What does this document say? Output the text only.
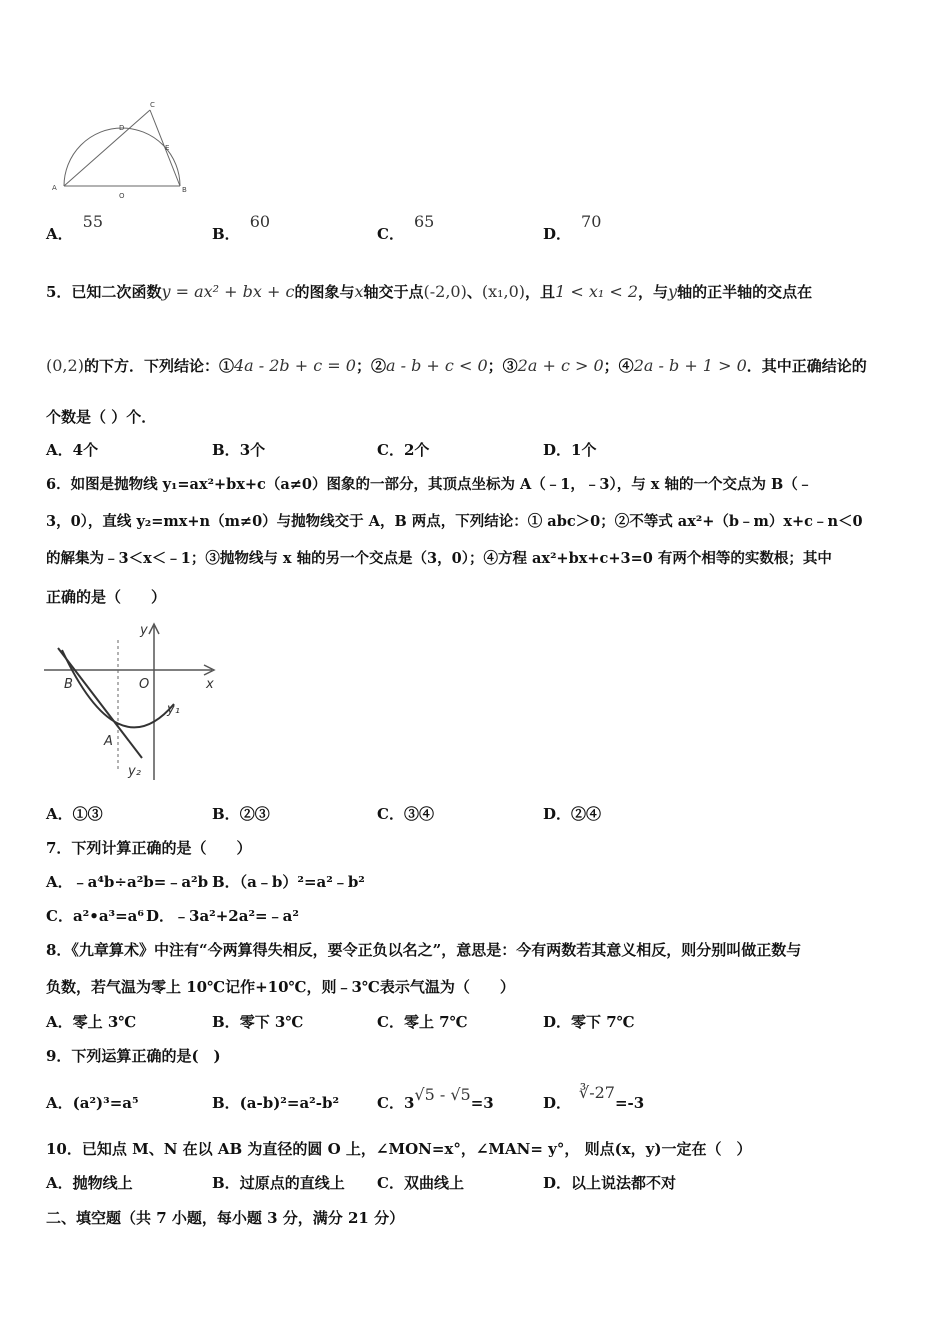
A	B
C
D
E
O
A．55
B．60
C．65
D．70
5．已知二次函数y = ax² + bx + c的图象与x轴交于点(-2,0)、(x₁,0)，且1 < x₁ < 2，与y轴的正半轴的交点在
(0,2)的下方．下列结论：①4a - 2b + c = 0；②a - b + c < 0；③2a + c > 0；④2a - b + 1 > 0．其中正确结论的
个数是（ ）个．
A．4个	B．3个	C．2个	D．1个
6．如图是抛物线 y₁=ax²+bx+c（a≠0）图象的一部分，其顶点坐标为 A（﹣1，﹣3），与 x 轴的一个交点为 B（﹣
3，0），直线 y₂=mx+n（m≠0）与抛物线交于 A，B 两点，下列结论：① abc＞0；②不等式 ax²+（b﹣m）x+c﹣n＜0
的解集为﹣3＜x＜﹣1；③抛物线与 x 轴的另一个交点是（3，0）；④方程 ax²+bx+c+3=0 有两个相等的实数根；其中
正确的是（　　）
y
x
B	O
A
y₁
y₂
A．①③	B．②③	C．③④	D．②④
7．下列计算正确的是（　　）
A．﹣a⁴b÷a²b=﹣a²b B．（a﹣b）²=a²﹣b²
C．a²•a³=a⁶ D．﹣3a²+2a²=﹣a²
8．《九章算术》中注有“今两算得失相反，要令正负以名之”，意思是：今有两数若其意义相反，则分别叫做正数与
负数，若气温为零上 10℃记作+10℃，则﹣3℃表示气温为（　　）
A．零上 3℃	B．零下 3℃	C．零上 7℃	D．零下 7℃
9．下列运算正确的是(　)
A．(a²)³=a⁵	B．(a-b)²=a²-b²	C．3√5 - √5=3	D．∛-27=-3
10．已知点 M、N 在以 AB 为直径的圆 O 上，∠MON=x°，∠MAN= y°， 则点(x，y)一定在（　）
A．抛物线上	B．过原点的直线上 C．双曲线上	D．以上说法都不对
二、填空题（共 7 小题，每小题 3 分，满分 21 分）
